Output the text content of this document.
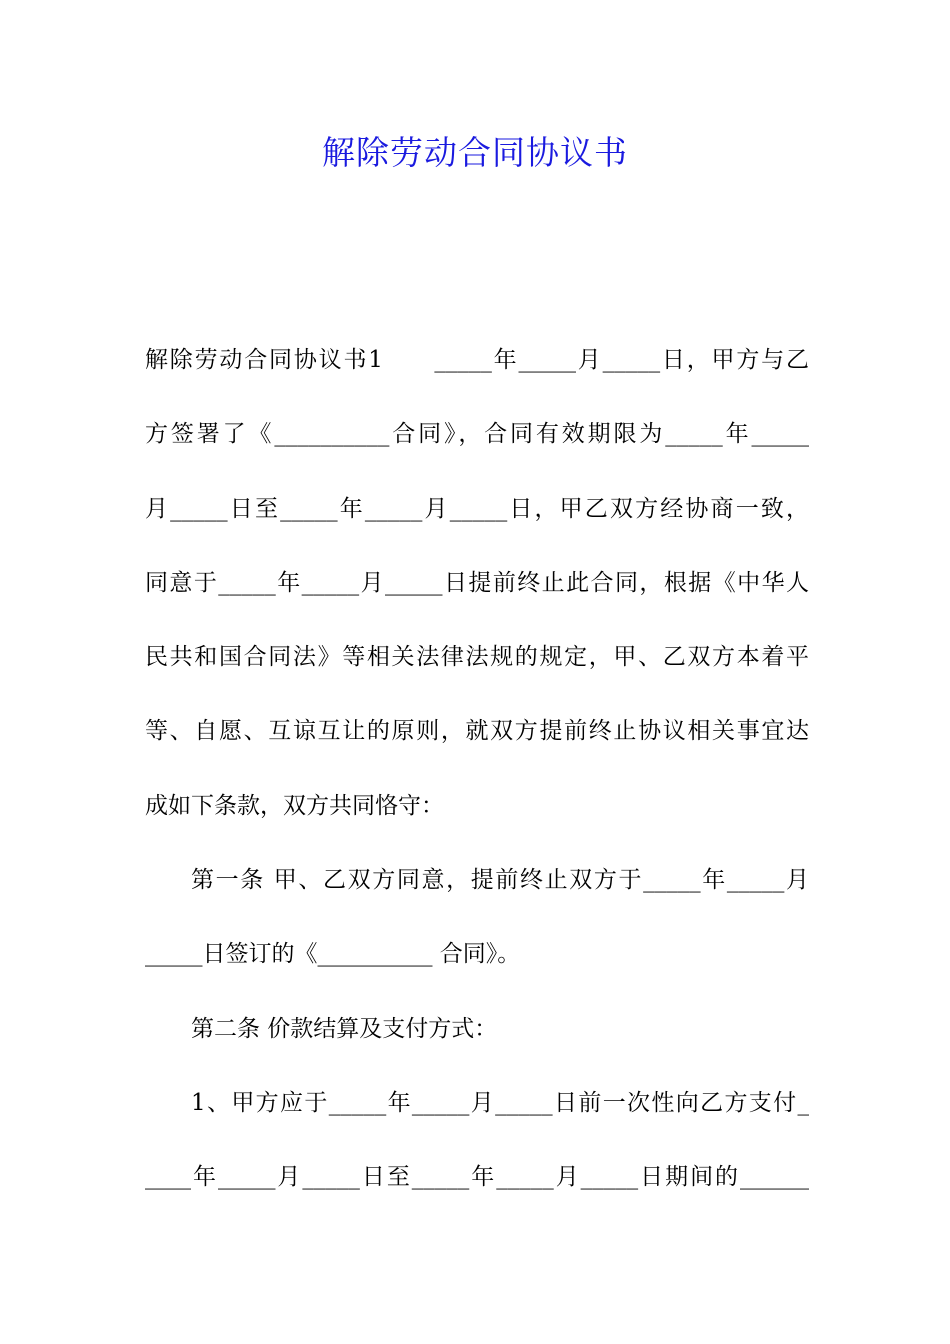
解除劳动合同协议书
解除劳动合同协议书1　　_____年_____月_____日，甲方与乙
方签署了《__________合同》，合同有效期限为_____年_____
月_____日至_____年_____月_____日，甲乙双方经协商一致，
同意于_____年_____月_____日提前终止此合同，根据《中华人
民共和国合同法》等相关法律法规的规定，甲、乙双方本着平
等、自愿、互谅互让的原则，就双方提前终止协议相关事宜达
成如下条款，双方共同恪守：
第一条 甲、乙双方同意，提前终止双方于_____年_____月
_____日签订的《__________ 合同》。
第二条 价款结算及支付方式：
1、甲方应于_____年_____月_____日前一次性向乙方支付_
____年_____月_____日至_____年_____月_____日期间的______
